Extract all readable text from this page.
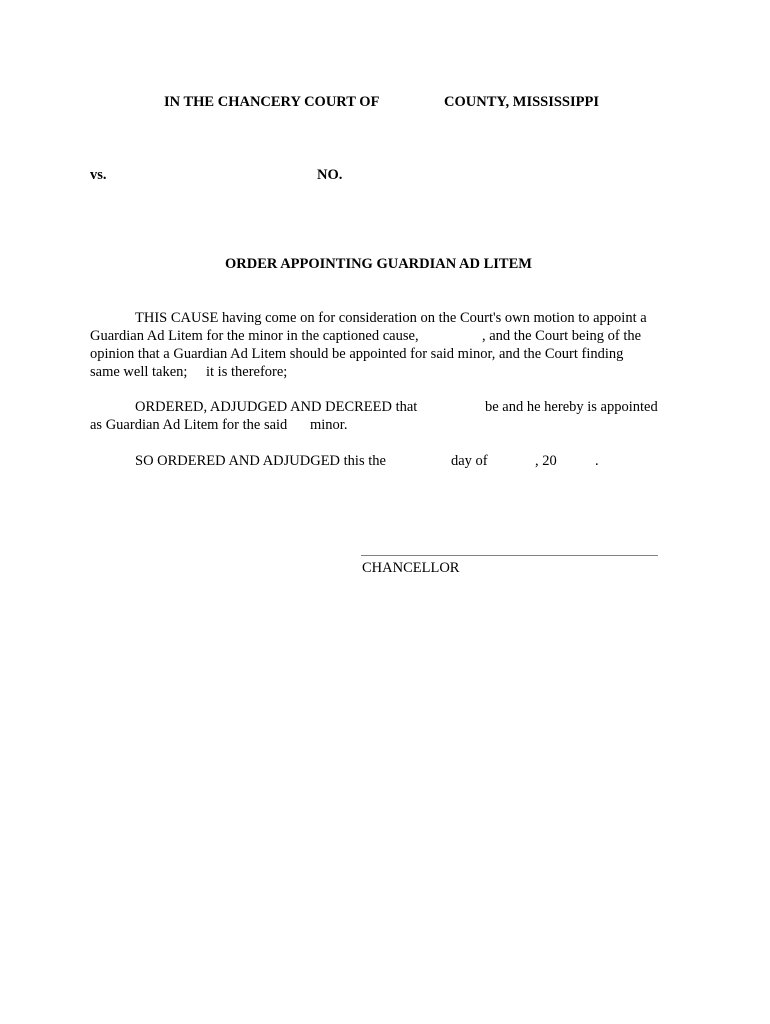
IN THE CHANCERY COURT OF	COUNTY, MISSISSIPPI
vs.	NO.
ORDER APPOINTING GUARDIAN AD LITEM
THIS CAUSE having come on for consideration on the Court's own motion to appoint a
Guardian Ad Litem for the minor in the captioned cause,	, and the Court being of the
opinion that a Guardian Ad Litem should be appointed for said minor, and the Court finding
same well taken; it is therefore;
ORDERED, ADJUDGED AND DECREED that	be and he hereby is appointed
as Guardian Ad Litem for the said minor.
SO ORDERED AND ADJUDGED this the	day of	, 20	.
CHANCELLOR
